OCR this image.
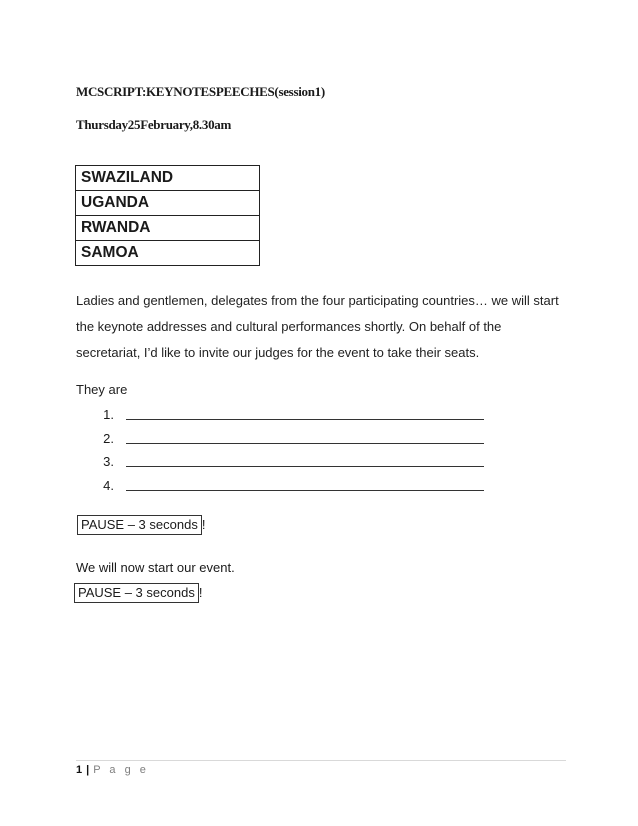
MCSCRIPT:KEYNOTESPEECHES(session1)
Thursday25February,8.30am
SWAZILAND
UGANDA
RWANDA
SAMOA
Ladies and gentlemen, delegates from the four participating countries… we will start the keynote addresses and cultural performances shortly. On behalf of the secretariat, I’d like to invite our judges for the event to take their seats.
They are
1.
2.
3.
4.
PAUSE – 3 seconds !
We will now start our event.
PAUSE – 3 seconds !
1 | P a g e
